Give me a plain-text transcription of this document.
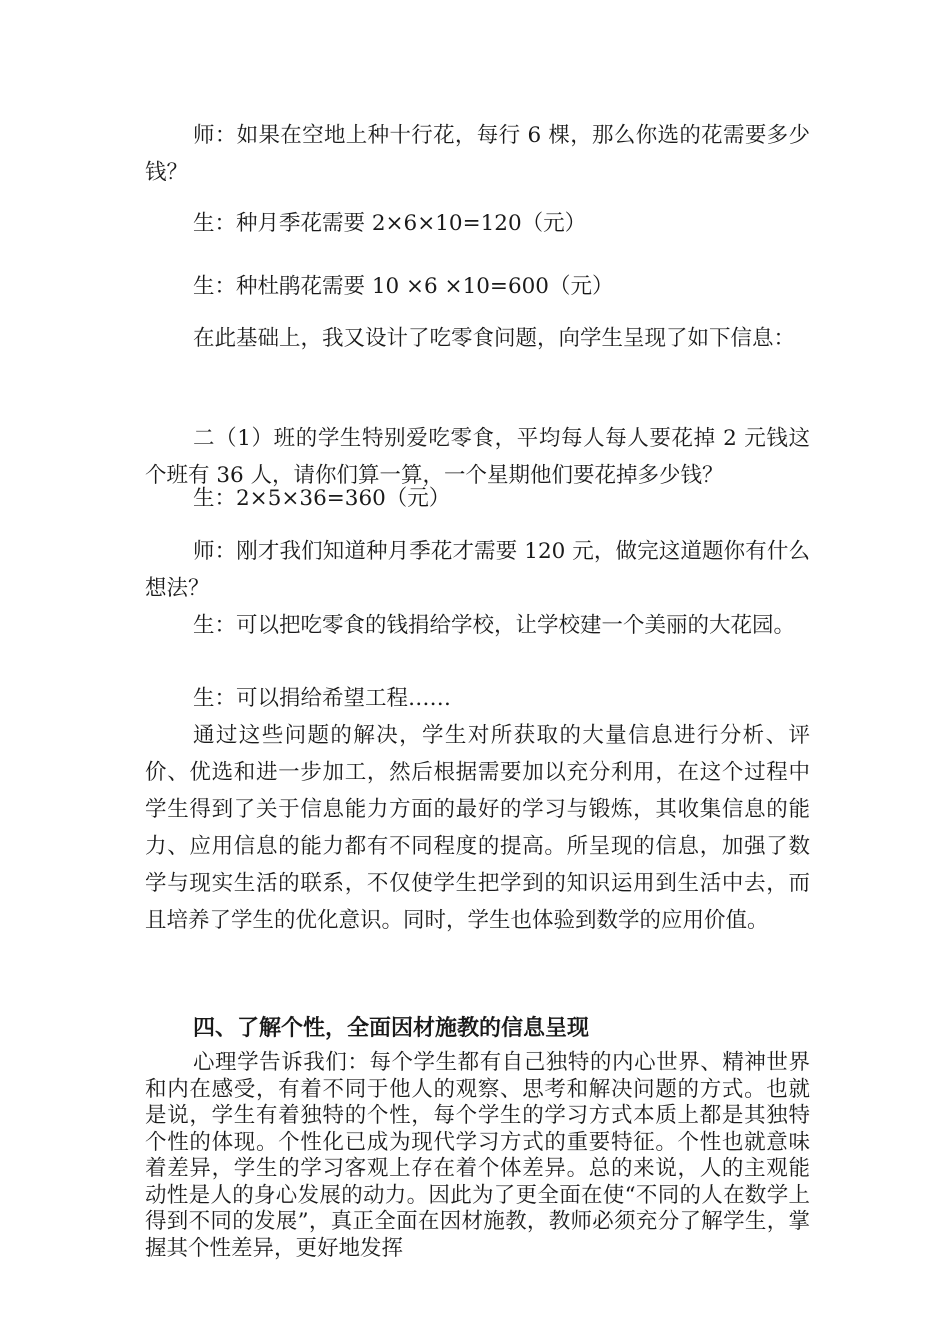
师：如果在空地上种十行花，每行 6 棵，那么你选的花需要多少钱？

生：种月季花需要 2×6×10=120（元）

生：种杜鹃花需要 10 ×6 ×10=600（元）

在此基础上，我又设计了吃零食问题，向学生呈现了如下信息：

二（1）班的学生特别爱吃零食，平均每人每人要花掉 2 元钱这个班有 36 人，请你们算一算，一个星期他们要花掉多少钱？

生：2×5×36=360（元）

师：刚才我们知道种月季花才需要 120 元，做完这道题你有什么想法？

生：可以把吃零食的钱捐给学校，让学校建一个美丽的大花园。

生：可以捐给希望工程……

通过这些问题的解决，学生对所获取的大量信息进行分析、评价、优选和进一步加工，然后根据需要加以充分利用，在这个过程中学生得到了关于信息能力方面的最好的学习与锻炼，其收集信息的能力、应用信息的能力都有不同程度的提高。所呈现的信息，加强了数学与现实生活的联系，不仅使学生把学到的知识运用到生活中去，而且培养了学生的优化意识。同时，学生也体验到数学的应用价值。

四、了解个性，全面因材施教的信息呈现

心理学告诉我们：每个学生都有自己独特的内心世界、精神世界和内在感受，有着不同于他人的观察、思考和解决问题的方式。也就是说，学生有着独特的个性，每个学生的学习方式本质上都是其独特个性的体现。个性化已成为现代学习方式的重要特征。个性也就意味着差异，学生的学习客观上存在着个体差异。总的来说，人的主观能动性是人的身心发展的动力。因此为了更全面在使“不同的人在数学上得到不同的发展”，真正全面在因材施教，教师必须充分了解学生，掌握其个性差异，更好地发挥
